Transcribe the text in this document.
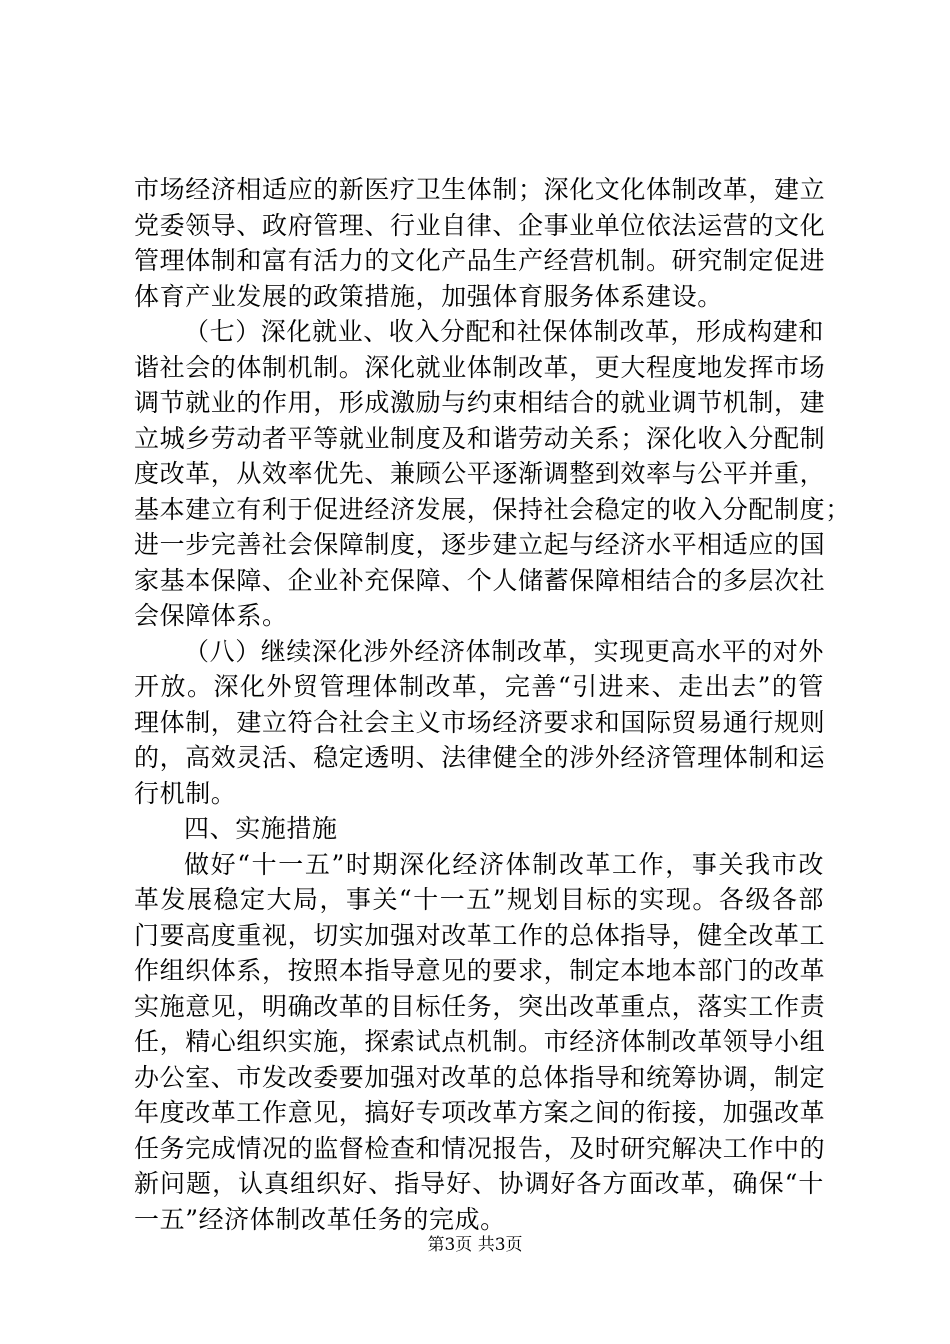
市场经济相适应的新医疗卫生体制；深化文化体制改革，建立
党委领导、政府管理、行业自律、企事业单位依法运营的文化
管理体制和富有活力的文化产品生产经营机制。研究制定促进
体育产业发展的政策措施，加强体育服务体系建设。
（七）深化就业、收入分配和社保体制改革，形成构建和
谐社会的体制机制。深化就业体制改革，更大程度地发挥市场
调节就业的作用，形成激励与约束相结合的就业调节机制，建
立城乡劳动者平等就业制度及和谐劳动关系；深化收入分配制
度改革，从效率优先、兼顾公平逐渐调整到效率与公平并重，
基本建立有利于促进经济发展，保持社会稳定的收入分配制度；
进一步完善社会保障制度，逐步建立起与经济水平相适应的国
家基本保障、企业补充保障、个人储蓄保障相结合的多层次社
会保障体系。
（八）继续深化涉外经济体制改革，实现更高水平的对外
开放。深化外贸管理体制改革，完善“引进来、走出去”的管
理体制，建立符合社会主义市场经济要求和国际贸易通行规则
的，高效灵活、稳定透明、法律健全的涉外经济管理体制和运
行机制。
四、实施措施
做好“十一五”时期深化经济体制改革工作，事关我市改
革发展稳定大局，事关“十一五”规划目标的实现。各级各部
门要高度重视，切实加强对改革工作的总体指导，健全改革工
作组织体系，按照本指导意见的要求，制定本地本部门的改革
实施意见，明确改革的目标任务，突出改革重点，落实工作责
任，精心组织实施，探索试点机制。市经济体制改革领导小组
办公室、市发改委要加强对改革的总体指导和统筹协调，制定
年度改革工作意见，搞好专项改革方案之间的衔接，加强改革
任务完成情况的监督检查和情况报告，及时研究解决工作中的
新问题，认真组织好、指导好、协调好各方面改革，确保“十
一五”经济体制改革任务的完成。
第3页 共3页
